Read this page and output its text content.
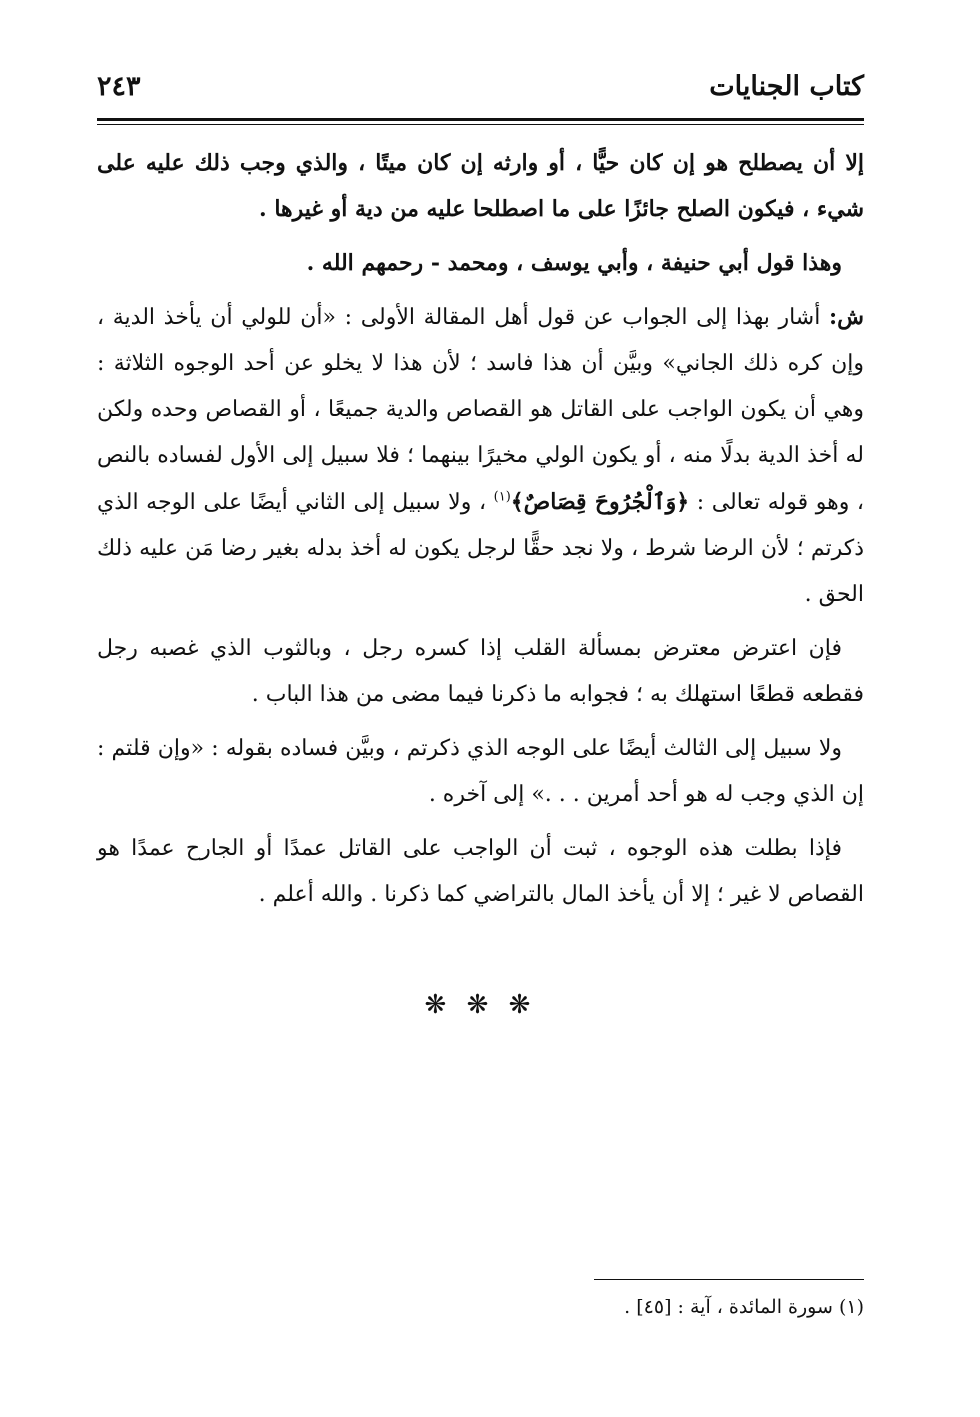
كتاب الجنايات
٢٤٣

إلا أن يصطلح هو إن كان حيًّا ، أو وارثه إن كان ميتًا ، والذي وجب ذلك عليه على شيء ، فيكون الصلح جائزًا على ما اصطلحا عليه من دية أو غيرها .

وهذا قول أبي حنيفة ، وأبي يوسف ، ومحمد - رحمهم الله .

ش: أشار بهذا إلى الجواب عن قول أهل المقالة الأولى : «أن للولي أن يأخذ الدية ، وإن كره ذلك الجاني» وبيَّن أن هذا فاسد ؛ لأن هذا لا يخلو عن أحد الوجوه الثلاثة : وهي أن يكون الواجب على القاتل هو القصاص والدية جميعًا ، أو القصاص وحده ولكن له أخذ الدية بدلًا منه ، أو يكون الولي مخيرًا بينهما ؛ فلا سبيل إلى الأول لفساده بالنص ، وهو قوله تعالى : ﴿وَٱلْجُرُوحَ قِصَاصٌ﴾$^{(١)}$ ، ولا سبيل إلى الثاني أيضًا على الوجه الذي ذكرتم ؛ لأن الرضا شرط ، ولا نجد حقًّا لرجل يكون له أخذ بدله بغير رضا مَن عليه ذلك الحق .

فإن اعترض معترض بمسألة القلب إذا كسره رجل ، وبالثوب الذي غصبه رجل فقطعه قطعًا استهلك به ؛ فجوابه ما ذكرنا فيما مضى من هذا الباب .

ولا سبيل إلى الثالث أيضًا على الوجه الذي ذكرتم ، وبيَّن فساده بقوله : «وإن قلتم : إن الذي وجب له هو أحد أمرين . . .» إلى آخره .

فإذا بطلت هذه الوجوه ، ثبت أن الواجب على القاتل عمدًا أو الجارح عمدًا هو القصاص لا غير ؛ إلا أن يأخذ المال بالتراضي كما ذكرنا . والله أعلم .

❋ ❋ ❋
(١) سورة المائدة ، آية : [٤٥] .
